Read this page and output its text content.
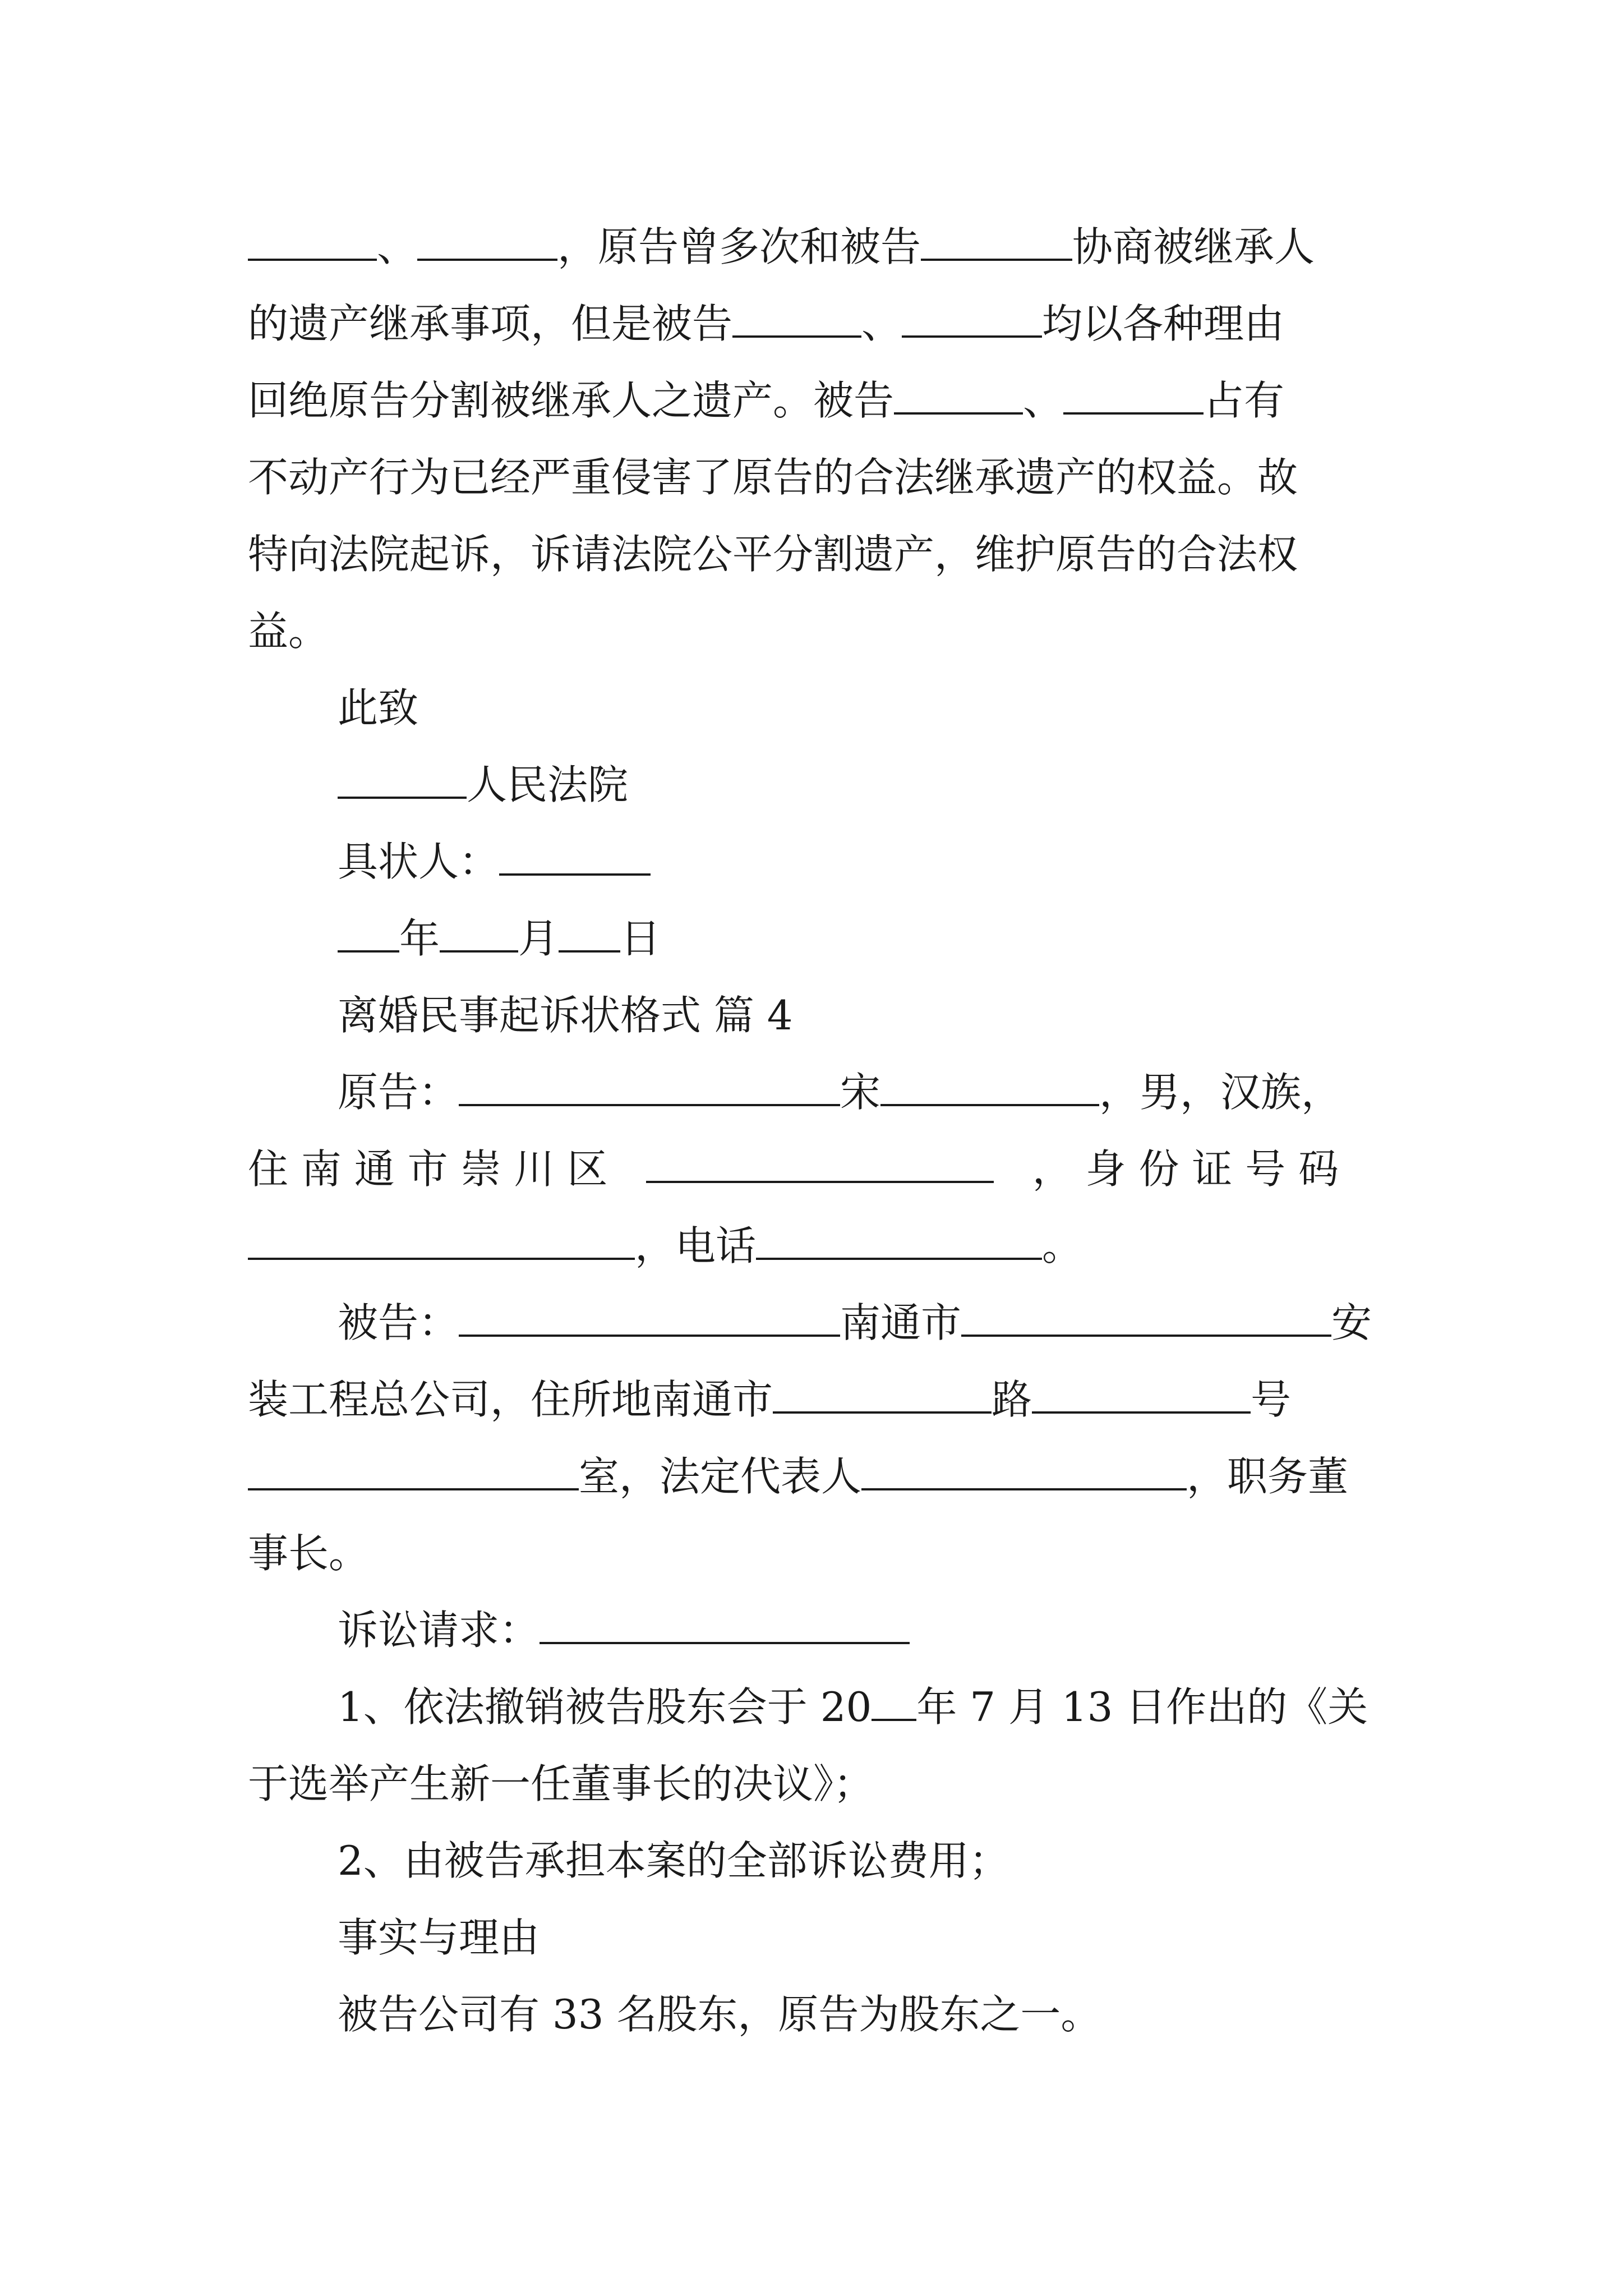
、	，原告曾多次和被告	协商被继承人
的遗产继承事项，但是被告	、	均以各种理由
回绝原告分割被继承人之遗产。被告	、	占有
不动产行为已经严重侵害了原告的合法继承遗产的权益。故
特向法院起诉，诉请法院公平分割遗产，维护原告的合法权
益。
此致
人民法院
具状人：
年 月 日
离婚民事起诉状格式 篇 4
原告：	宋	，男，汉族，
住 南 通 市 崇 川 区	， 身 份 证 号 码
，电话	。
被告：	南通市	安
装工程总公司，住所地南通市	路	号
室，法定代表人	，职务董
事长。
诉讼请求：
1、依法撤销被告股东会于 20 年 7 月 13 日作出的《关
于选举产生新一任董事长的决议》；
2、由被告承担本案的全部诉讼费用；
事实与理由
被告公司有 33 名股东，原告为股东之一。
